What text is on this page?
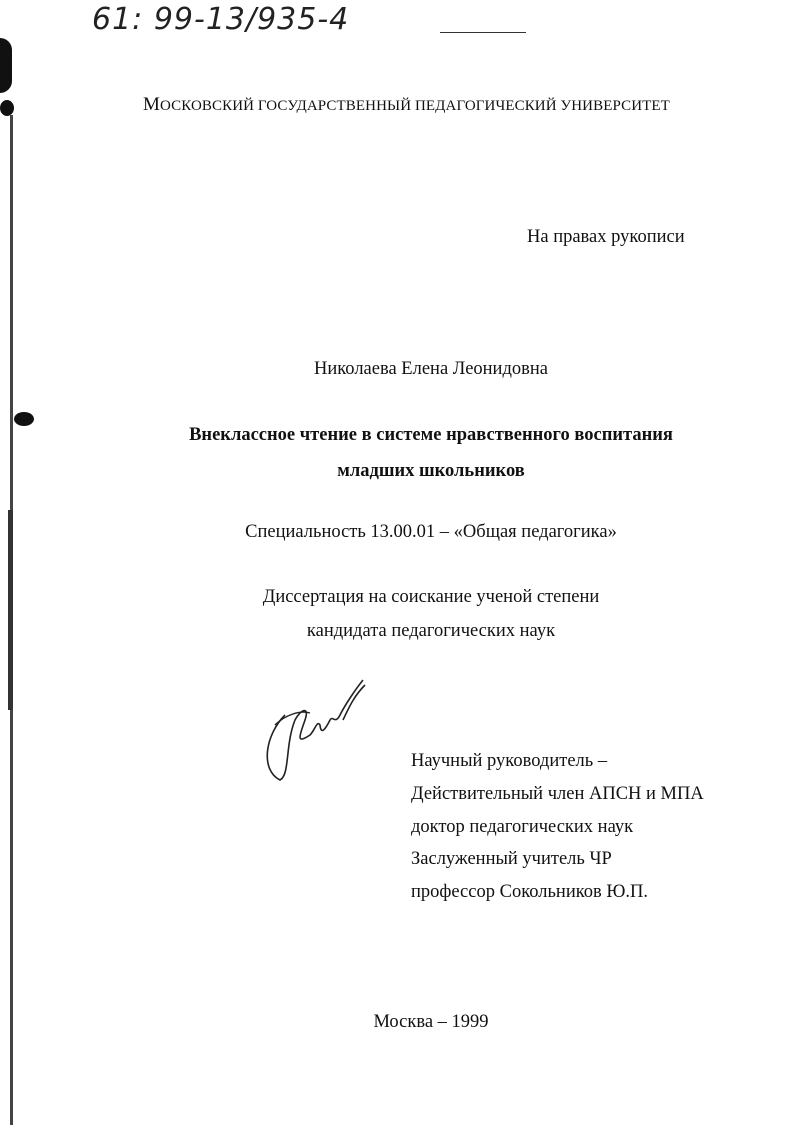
61: 99-13/935-4
МОСКОВСКИЙ ГОСУДАРСТВЕННЫЙ ПЕДАГОГИЧЕСКИЙ УНИВЕРСИТЕТ
На правах рукописи
Николаева Елена Леонидовна
Внеклассное чтение в системе нравственного воспитания
младших школьников
Специальность 13.00.01 – «Общая педагогика»
Диссертация на соискание ученой степени
кандидата педагогических наук
Научный руководитель –
Действительный член АПСН и МПА
доктор педагогических наук
Заслуженный учитель ЧР
профессор Сокольников Ю.П.
Москва – 1999
